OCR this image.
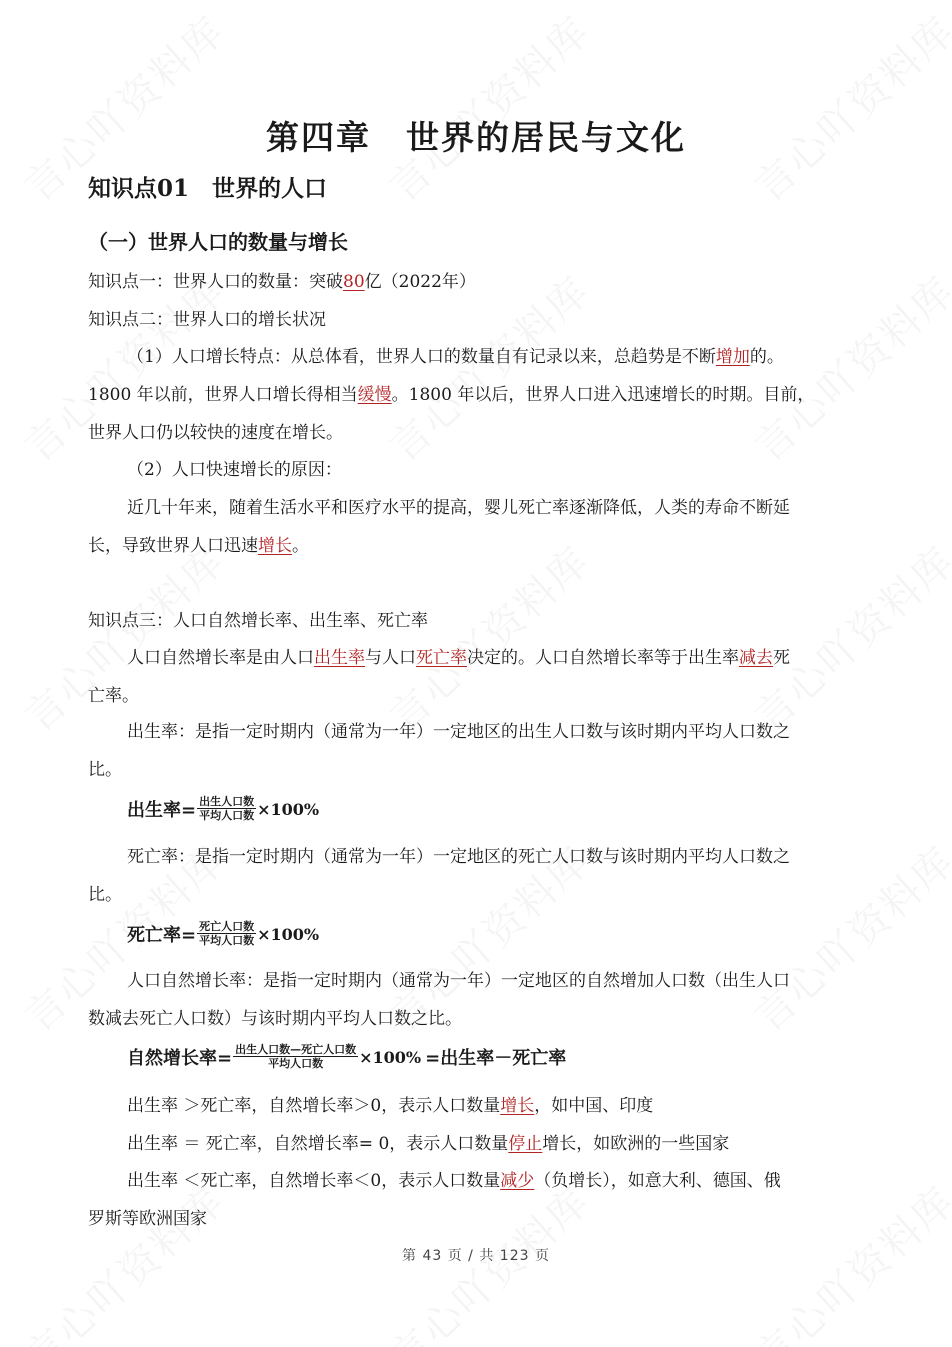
第四章　世界的居民与文化
知识点01　世界的人口
（一）世界人口的数量与增长
知识点一：世界人口的数量：突破80亿（2022年）
知识点二：世界人口的增长状况
（1）人口增长特点：从总体看，世界人口的数量自有记录以来，总趋势是不断增加的。
1800 年以前，世界人口增长得相当缓慢。1800 年以后，世界人口进入迅速增长的时期。目前，
世界人口仍以较快的速度在增长。
（2）人口快速增长的原因：
近几十年来，随着生活水平和医疗水平的提高，婴儿死亡率逐渐降低，人类的寿命不断延
长，导致世界人口迅速增长。
知识点三：人口自然增长率、出生率、死亡率
人口自然增长率是由人口出生率与人口死亡率决定的。人口自然增长率等于出生率减去死
亡率。
出生率：是指一定时期内（通常为一年）一定地区的出生人口数与该时期内平均人口数之
比。
出生率= $\frac{\text{出生人口数}}{\text{平均人口数}} \times 100\%$
死亡率：是指一定时期内（通常为一年）一定地区的死亡人口数与该时期内平均人口数之
比。
死亡率= $\frac{\text{死亡人口数}}{\text{平均人口数}} \times 100\%$
人口自然增长率：是指一定时期内（通常为一年）一定地区的自然增加人口数（出生人口
数减去死亡人口数）与该时期内平均人口数之比。
自然增长率= $\frac{\text{出生人口数—死亡人口数}}{\text{平均人口数}} \times 100\%$ =出生率－死亡率
出生率 ＞死亡率，自然增长率＞0，表示人口数量增长，如中国、印度
出生率 ＝ 死亡率，自然增长率= 0，表示人口数量停止增长，如欧洲的一些国家
出生率 ＜死亡率，自然增长率＜0，表示人口数量减少（负增长），如意大利、德国、俄
罗斯等欧洲国家
第 43 页 / 共 123 页
